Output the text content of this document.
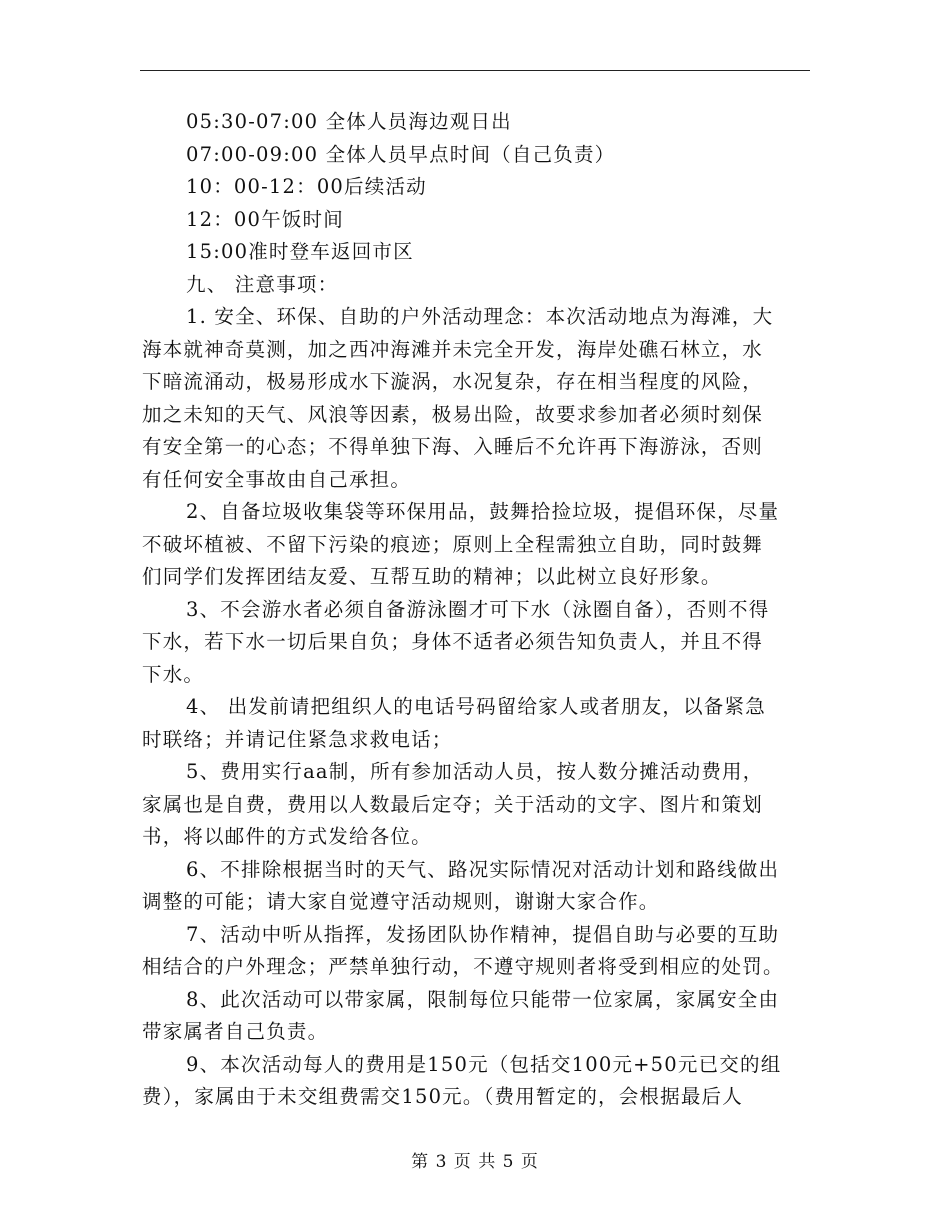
05:30-07:00 全体人员海边观日出
07:00-09:00 全体人员早点时间（自己负责）
10：00-12：00后续活动
12：00午饭时间
15:00准时登车返回市区
九、 注意事项：
1. 安全、环保、自助的户外活动理念：本次活动地点为海滩，大
海本就神奇莫测，加之西冲海滩并未完全开发，海岸处礁石林立，水
下暗流涌动，极易形成水下漩涡，水况复杂，存在相当程度的风险，
加之未知的天气、风浪等因素，极易出险，故要求参加者必须时刻保
有安全第一的心态；不得单独下海、入睡后不允许再下海游泳，否则
有任何安全事故由自己承担。
2、自备垃圾收集袋等环保用品，鼓舞拾捡垃圾，提倡环保，尽量
不破坏植被、不留下污染的痕迹；原则上全程需独立自助，同时鼓舞
们同学们发挥团结友爱、互帮互助的精神；以此树立良好形象。
3、不会游水者必须自备游泳圈才可下水（泳圈自备），否则不得
下水，若下水一切后果自负；身体不适者必须告知负责人，并且不得
下水。
4、 出发前请把组织人的电话号码留给家人或者朋友，以备紧急
时联络；并请记住紧急求救电话；
5、费用实行aa制，所有参加活动人员，按人数分摊活动费用，
家属也是自费，费用以人数最后定夺；关于活动的文字、图片和策划
书，将以邮件的方式发给各位。
6、不排除根据当时的天气、路况实际情况对活动计划和路线做出
调整的可能；请大家自觉遵守活动规则，谢谢大家合作。
7、活动中听从指挥，发扬团队协作精神，提倡自助与必要的互助
相结合的户外理念；严禁单独行动，不遵守规则者将受到相应的处罚。
8、此次活动可以带家属，限制每位只能带一位家属，家属安全由
带家属者自己负责。
9、本次活动每人的费用是150元（包括交100元+50元已交的组
费），家属由于未交组费需交150元。（费用暂定的，会根据最后人
第 3 页 共 5 页
